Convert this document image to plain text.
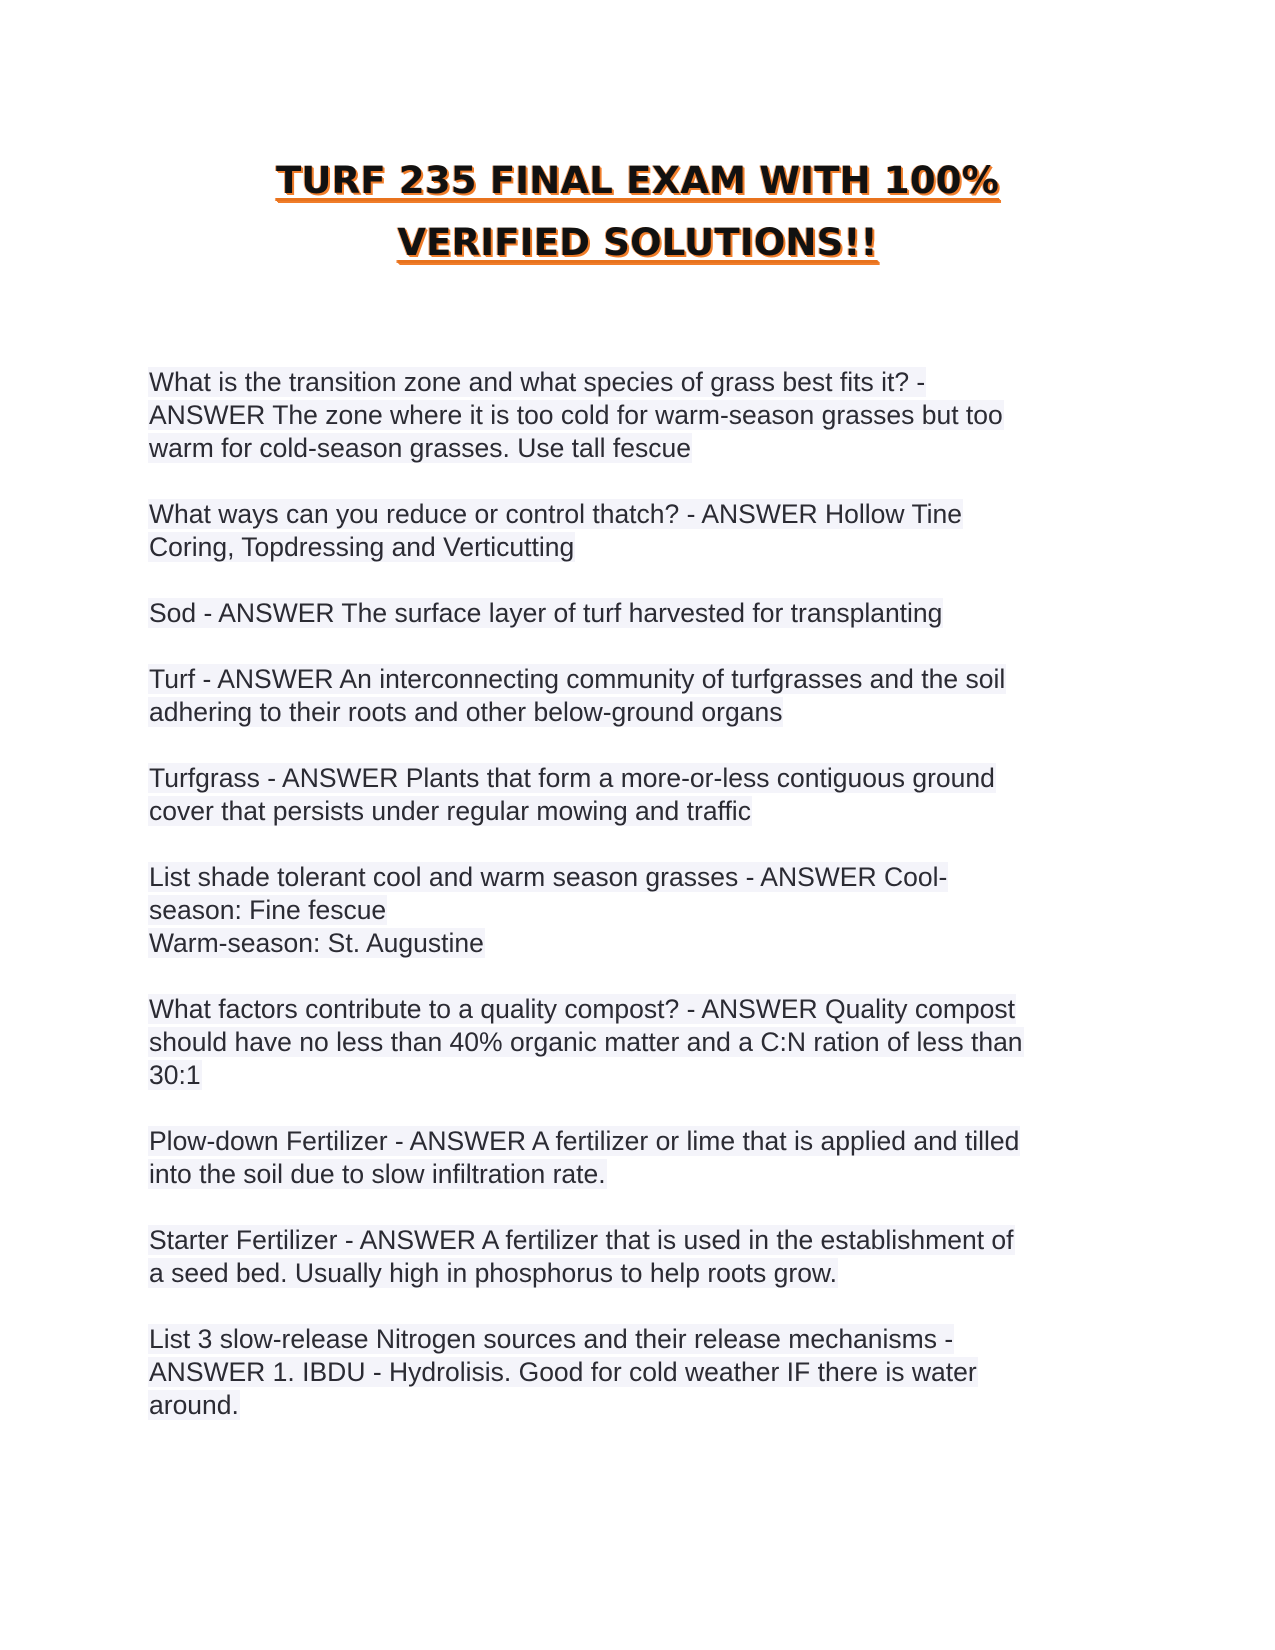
TURF 235 FINAL EXAM WITH 100%
VERIFIED SOLUTIONS!!
What is the transition zone and what species of grass best fits it? -
ANSWER The zone where it is too cold for warm-season grasses but too
warm for cold-season grasses. Use tall fescue
What ways can you reduce or control thatch? - ANSWER Hollow Tine
Coring, Topdressing and Verticutting
Sod - ANSWER The surface layer of turf harvested for transplanting
Turf - ANSWER An interconnecting community of turfgrasses and the soil
adhering to their roots and other below-ground organs
Turfgrass - ANSWER Plants that form a more-or-less contiguous ground
cover that persists under regular mowing and traffic
List shade tolerant cool and warm season grasses - ANSWER Cool-
season: Fine fescue
Warm-season: St. Augustine
What factors contribute to a quality compost? - ANSWER Quality compost
should have no less than 40% organic matter and a C:N ration of less than
30:1
Plow-down Fertilizer - ANSWER A fertilizer or lime that is applied and tilled
into the soil due to slow infiltration rate.
Starter Fertilizer - ANSWER A fertilizer that is used in the establishment of
a seed bed. Usually high in phosphorus to help roots grow.
List 3 slow-release Nitrogen sources and their release mechanisms -
ANSWER 1. IBDU - Hydrolisis. Good for cold weather IF there is water
around.
